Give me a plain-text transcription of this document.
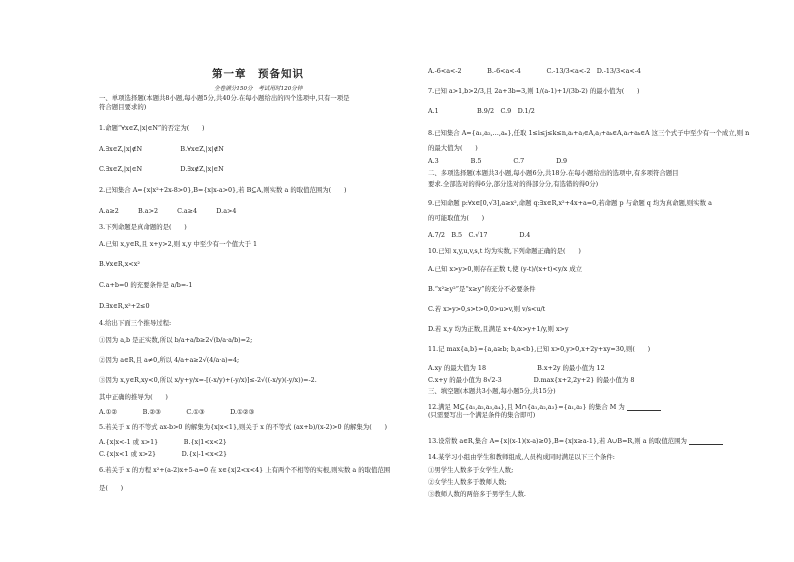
第一章　预备知识
全卷满分150分　考试用时120分钟
一、单项选择题(本题共8小题,每小题5分,共40分.在每小题给出的四个选项中,只有一项是
符合题目要求的)
1.命题“∀x∈Z,|x|∈N”的否定为(　　)
A.∃x∈Z,|x|∉N　　　　　　B.∀x∈Z,|x|∉N
C.∃x∈Z,|x|∈N　　　　　　D.∃x∉Z,|x|∈N
2.已知集合 A={x|x²+2x-8>0},B={x|x-a>0},若 B⊆A,则实数 a 的取值范围为(　　)
A.a≥2　　　B.a>2　　　C.a≥4　　　D.a>4
3.下列命题是真命题的是(　　)
A.已知 x,y∈R,且 x+y>2,则 x,y 中至少有一个值大于 1
B.∀x∈R,x<x²
C.a+b=0 的充要条件是 a/b=-1
D.∃x∈R,x²+2≤0
4.给出下面三个推导过程:
①因为 a,b 是正实数,所以 b/a+a/b≥2√(b/a·a/b)=2;
②因为 a∈R,且 a≠0,所以 4/a+a≥2√(4/a·a)=4;
③因为 x,y∈R,xy<0,所以 x/y+y/x=-[(-x/y)+(-y/x)]≤-2√((-x/y)(-y/x))=-2.
其中正确的推导为(　　)
A.①②　　　　B.②③　　　　C.①③　　　　D.①②③
5.若关于 x 的不等式 ax-b>0 的解集为{x|x<1},则关于 x 的不等式 (ax+b)/(x-2)>0 的解集为(　　)
A.{x|x<-1 或 x>1}　　　　B.{x|1<x<2}
C.{x|x<1 或 x>2}　　　　D.{x|-1<x<2}
6.若关于 x 的方程 x²+(a-2)x+5-a=0 在 x∈{x|2<x<4} 上有两个不相等的实根,则实数 a 的取值范围
是(　　)
A.-6<a<-2　　　　B.-6<a<-4　　　　C.-13/3<a<-2　D.-13/3<a<-4
7.已知 a>1,b>2/3,且 2a+3b=3,则 1/(a-1)+1/(3b-2) 的最小值为(　　)
A.1　　　　　　B.9/2　C.9　D.1/2
8.已知集合 A={a₁,a₂,…,aₙ},任取 1≤i≤j≤k≤n,aᵢ+aⱼ∈A,aⱼ+aₖ∈A,aᵢ+aₖ∈A 这三个式子中至少有一个成立,则 n
的最大值为(　　)
A.3　　　　　B.5　　　　　C.7　　　　　D.9
二、多项选择题(本题共3小题,每小题6分,共18分.在每小题给出的选项中,有多项符合题目
要求.全部选对的得6分,部分选对的得部分分,有选错的得0分)
9.已知命题 p:∀x∈[0,√3],a≥x²,命题 q:∃x∈R,x²+4x+a=0,若命题 p 与命题 q 均为真命题,则实数 a
的可能取值为(　　)
A.7/2　B.5　C.√17　　　　　D.4
10.已知 x,y,u,v,s,t 均为实数,下列命题正确的是(　　)
A.已知 x>y>0,则存在正数 t,使 (y-t)/(x+t)<y/x 成立
B.“x²≥y²”是“x≥y”的充分不必要条件
C.若 x>y>0,s>t>0,0>u>v,则 v/s<u/t
D.若 x,y 均为正数,且满足 x+4/x>y+1/y,则 x>y
11.记 max{a,b}={a,a≥b; b,a<b},已知 x>0,y>0,x+2y+xy=30,则(　　)
A.xy 的最大值为 18　　　　　　　　B.x+2y 的最小值为 12
C.x+y 的最小值为 8√2-3　　　　　D.max{x+2,2y+2} 的最小值为 8
三、填空题(本题共3小题,每小题5分,共15分)
12.满足 M⊆{a₁,a₂,a₃,a₄},且 M∩{a₁,a₂,a₃}={a₁,a₂} 的集合 M 为
(只需要写出一个满足条件的集合即可)
13.设常数 a∈R,集合 A={x|(x-1)(x-a)≥0},B={x|x≥a-1},若 A∪B=R,则 a 的取值范围为
14.某学习小组由学生和教师组成,人员构成同时满足以下三个条件:
①男学生人数多于女学生人数;
②女学生人数多于教师人数;
③教师人数的两倍多于男学生人数.
